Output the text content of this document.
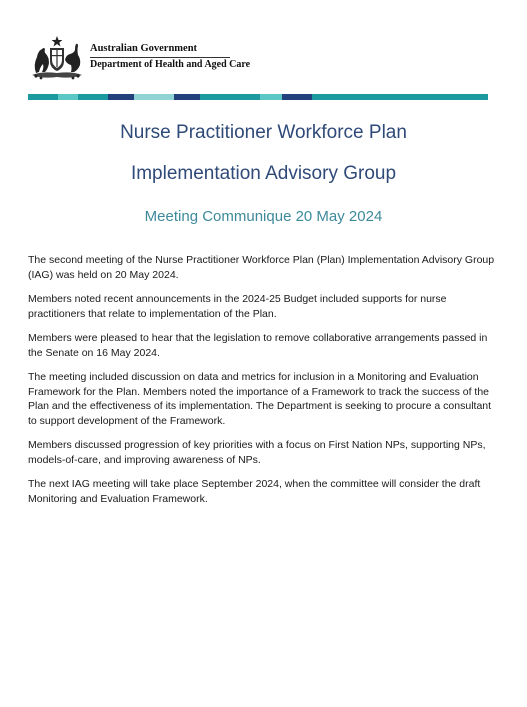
Australian Government
Department of Health and Aged Care
Nurse Practitioner Workforce Plan
Implementation Advisory Group
Meeting Communique 20 May 2024

The second meeting of the Nurse Practitioner Workforce Plan (Plan) Implementation Advisory Group (IAG) was held on 20 May 2024.

Members noted recent announcements in the 2024-25 Budget included supports for nurse practitioners that relate to implementation of the Plan.

Members were pleased to hear that the legislation to remove collaborative arrangements passed in the Senate on 16 May 2024.

The meeting included discussion on data and metrics for inclusion in a Monitoring and Evaluation Framework for the Plan. Members noted the importance of a Framework to track the success of the Plan and the effectiveness of its implementation. The Department is seeking to procure a consultant to support development of the Framework.

Members discussed progression of key priorities with a focus on First Nation NPs, supporting NPs, models-of-care, and improving awareness of NPs.

The next IAG meeting will take place September 2024, when the committee will consider the draft Monitoring and Evaluation Framework.
